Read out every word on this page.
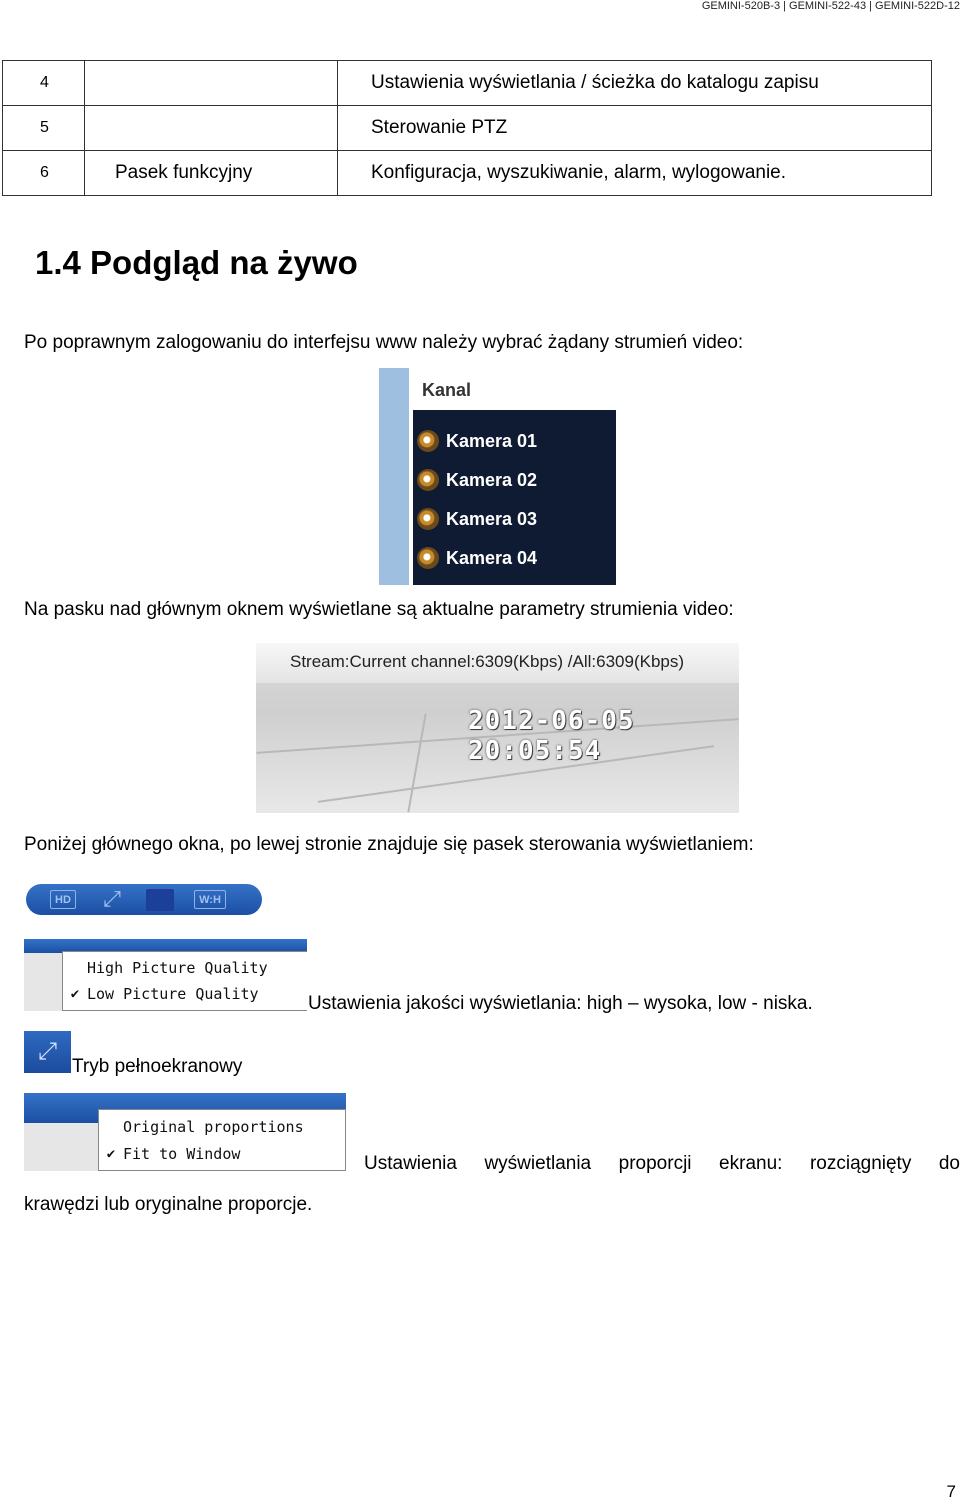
GEMINI-520B-3 | GEMINI-522-43 | GEMINI-522D-12
4		Ustawienia wyświetlania / ścieżka do katalogu zapisu
5		Sterowanie PTZ
6	Pasek funkcyjny	Konfiguracja, wyszukiwanie, alarm, wylogowanie.
1.4 Podgląd na żywo

Po poprawnym zalogowaniu do interfejsu www należy wybrać żądany strumień video:

Kanal
Kamera 01
Kamera 02
Kamera 03
Kamera 04

Na pasku nad głównym oknem wyświetlane są aktualne parametry strumienia video:

Stream:Current channel:6309(Kbps) /All:6309(Kbps)
2012-06-05 20:05:54

Poniżej głównego okna, po lewej stronie znajduje się pasek sterowania wyświetlaniem:

HD ⤢	W:H
High Picture Quality
✔ Low Picture Quality	Ustawienia jakości wyświetlania: high – wysoka, low - niska.

⤢

Tryb pełnoekranowy

Original proportions
✔ Fit to Window	Ustawienia wyświetlania proporcji ekranu: rozciągnięty do

krawędzi lub oryginalne proporcje.

7
